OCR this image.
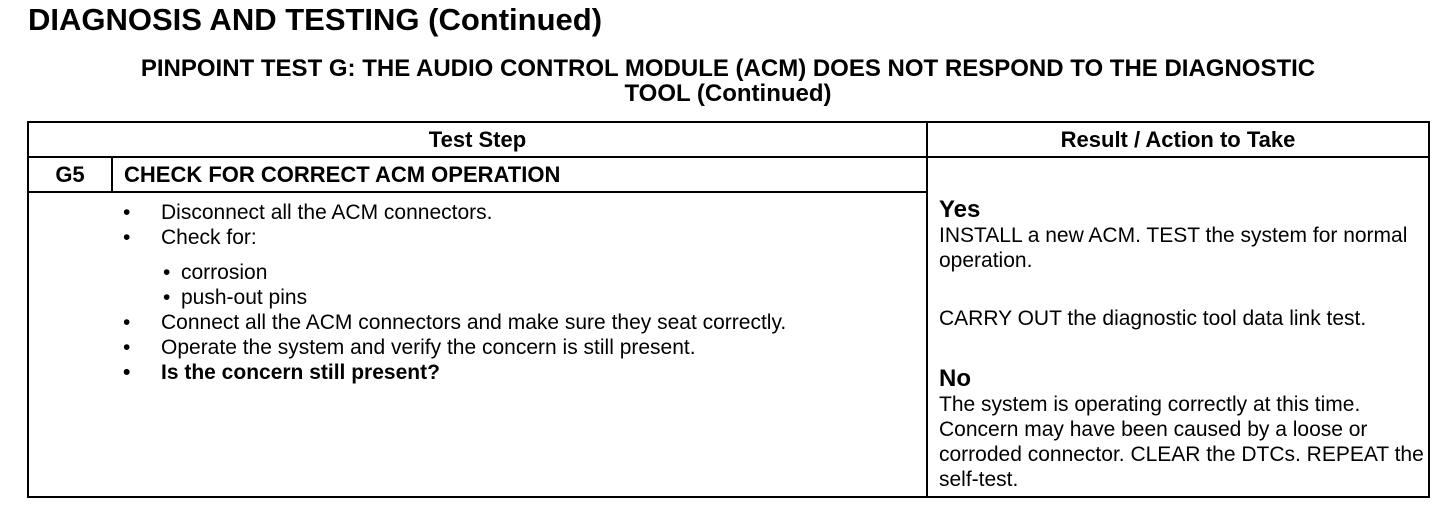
DIAGNOSIS AND TESTING (Continued)
PINPOINT TEST G: THE AUDIO CONTROL MODULE (ACM) DOES NOT RESPOND TO THE DIAGNOSTIC
TOOL (Continued)
Test Step	Result / Action to Take
G5	CHECK FOR CORRECT ACM OPERATION
• Disconnect all the ACM connectors.
• Check for:
• corrosion
• push-out pins
• Connect all the ACM connectors and make sure they seat correctly.
• Operate the system and verify the concern is still present.
• Is the concern still present?
Yes
INSTALL a new ACM. TEST the system for normal operation.
CARRY OUT the diagnostic tool data link test.
No
The system is operating correctly at this time. Concern may have been caused by a loose or corroded connector. CLEAR the DTCs. REPEAT the self-test.
